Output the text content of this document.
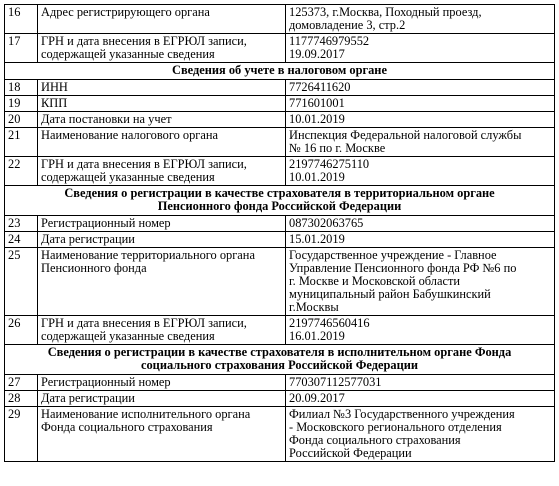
16	Адрес регистрирующего органа	125373, г.Москва, Походный проезд,
домовладение 3, стр.2

17	ГРН и дата внесения в ЕГРЮЛ записи,
содержащей указанные сведения	1177746979552
19.09.2017

Сведения об учете в налоговом органе		

18	ИНН	7726411620

19	КПП	771601001

20	Дата постановки на учет	10.01.2019

21	Наименование налогового органа	Инспекция Федеральной налоговой службы
№ 16 по г. Москве

22	ГРН и дата внесения в ЕГРЮЛ записи,
содержащей указанные сведения	2197746275110
10.01.2019

Сведения о регистрации в качестве страхователя в территориальном органе
Пенсионного фонда Российской Федерации		

23	Регистрационный номер	087302063765

24	Дата регистрации	15.01.2019

25	Наименование территориального органа
Пенсионного фонда	Государственное учреждение - Главное
Управление Пенсионного фонда РФ №6 по
г. Москве и Московской области
муниципальный район Бабушкинский
г.Москвы

26	ГРН и дата внесения в ЕГРЮЛ записи,
содержащей указанные сведения	2197746560416
16.01.2019

Сведения о регистрации в качестве страхователя в исполнительном органе Фонда
социального страхования Российской Федерации		

27	Регистрационный номер	770307112577031

28	Дата регистрации	20.09.2017

29	Наименование исполнительного органа
Фонда социального страхования	Филиал №3 Государственного учреждения
- Московского регионального отделения
Фонда социального страхования
Российской Федерации
